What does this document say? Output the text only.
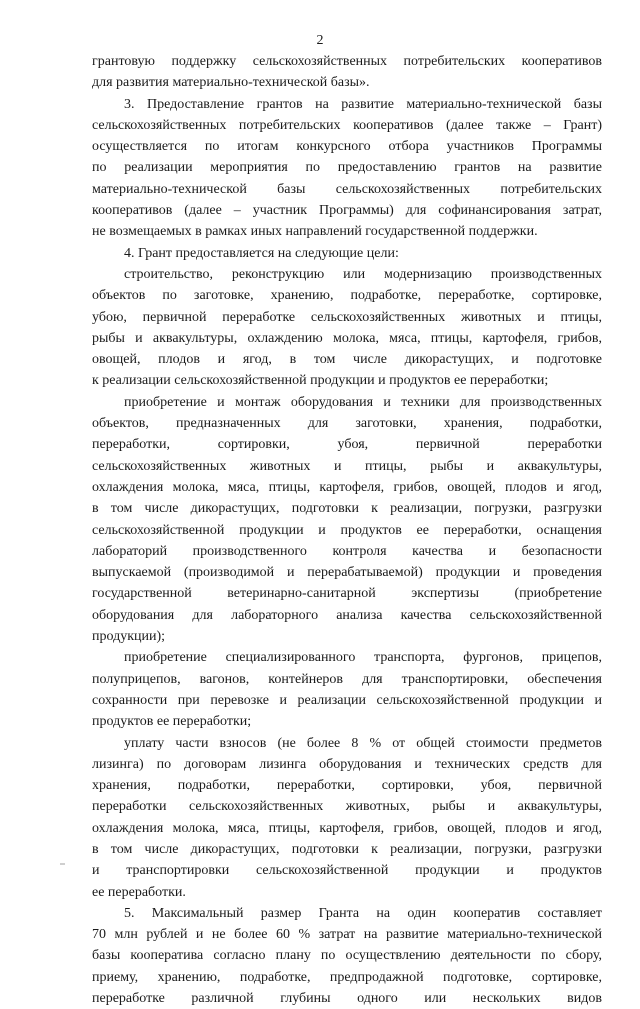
2
грантовую поддержку сельскохозяйственных потребительских кооперативов
для развития материально-технической базы».
3. Предоставление грантов на развитие материально-технической базы
сельскохозяйственных потребительских кооперативов (далее также – Грант)
осуществляется по итогам конкурсного отбора участников Программы
по реализации мероприятия по предоставлению грантов на развитие
материально-технической базы сельскохозяйственных потребительских
кооперативов (далее – участник Программы) для софинансирования затрат,
не возмещаемых в рамках иных направлений государственной поддержки.
4. Грант предоставляется на следующие цели:
строительство, реконструкцию или модернизацию производственных
объектов по заготовке, хранению, подработке, переработке, сортировке,
убою, первичной переработке сельскохозяйственных животных и птицы,
рыбы и аквакультуры, охлаждению молока, мяса, птицы, картофеля, грибов,
овощей, плодов и ягод, в том числе дикорастущих, и подготовке
к реализации сельскохозяйственной продукции и продуктов ее переработки;
приобретение и монтаж оборудования и техники для производственных
объектов, предназначенных для заготовки, хранения, подработки,
переработки, сортировки, убоя, первичной переработки
сельскохозяйственных животных и птицы, рыбы и аквакультуры,
охлаждения молока, мяса, птицы, картофеля, грибов, овощей, плодов и ягод,
в том числе дикорастущих, подготовки к реализации, погрузки, разгрузки
сельскохозяйственной продукции и продуктов ее переработки, оснащения
лабораторий производственного контроля качества и безопасности
выпускаемой (производимой и перерабатываемой) продукции и проведения
государственной ветеринарно-санитарной экспертизы (приобретение
оборудования для лабораторного анализа качества сельскохозяйственной
продукции);
приобретение специализированного транспорта, фургонов, прицепов,
полуприцепов, вагонов, контейнеров для транспортировки, обеспечения
сохранности при перевозке и реализации сельскохозяйственной продукции и
продуктов ее переработки;
уплату части взносов (не более 8 % от общей стоимости предметов
лизинга) по договорам лизинга оборудования и технических средств для
хранения, подработки, переработки, сортировки, убоя, первичной
переработки сельскохозяйственных животных, рыбы и аквакультуры,
охлаждения молока, мяса, птицы, картофеля, грибов, овощей, плодов и ягод,
в том числе дикорастущих, подготовки к реализации, погрузки, разгрузки
и транспортировки сельскохозяйственной продукции и продуктов
ее переработки.
5. Максимальный размер Гранта на один кооператив составляет
70 млн рублей и не более 60 % затрат на развитие материально-технической
базы кооператива согласно плану по осуществлению деятельности по сбору,
приему, хранению, подработке, предпродажной подготовке, сортировке,
переработке различной глубины одного или нескольких видов
